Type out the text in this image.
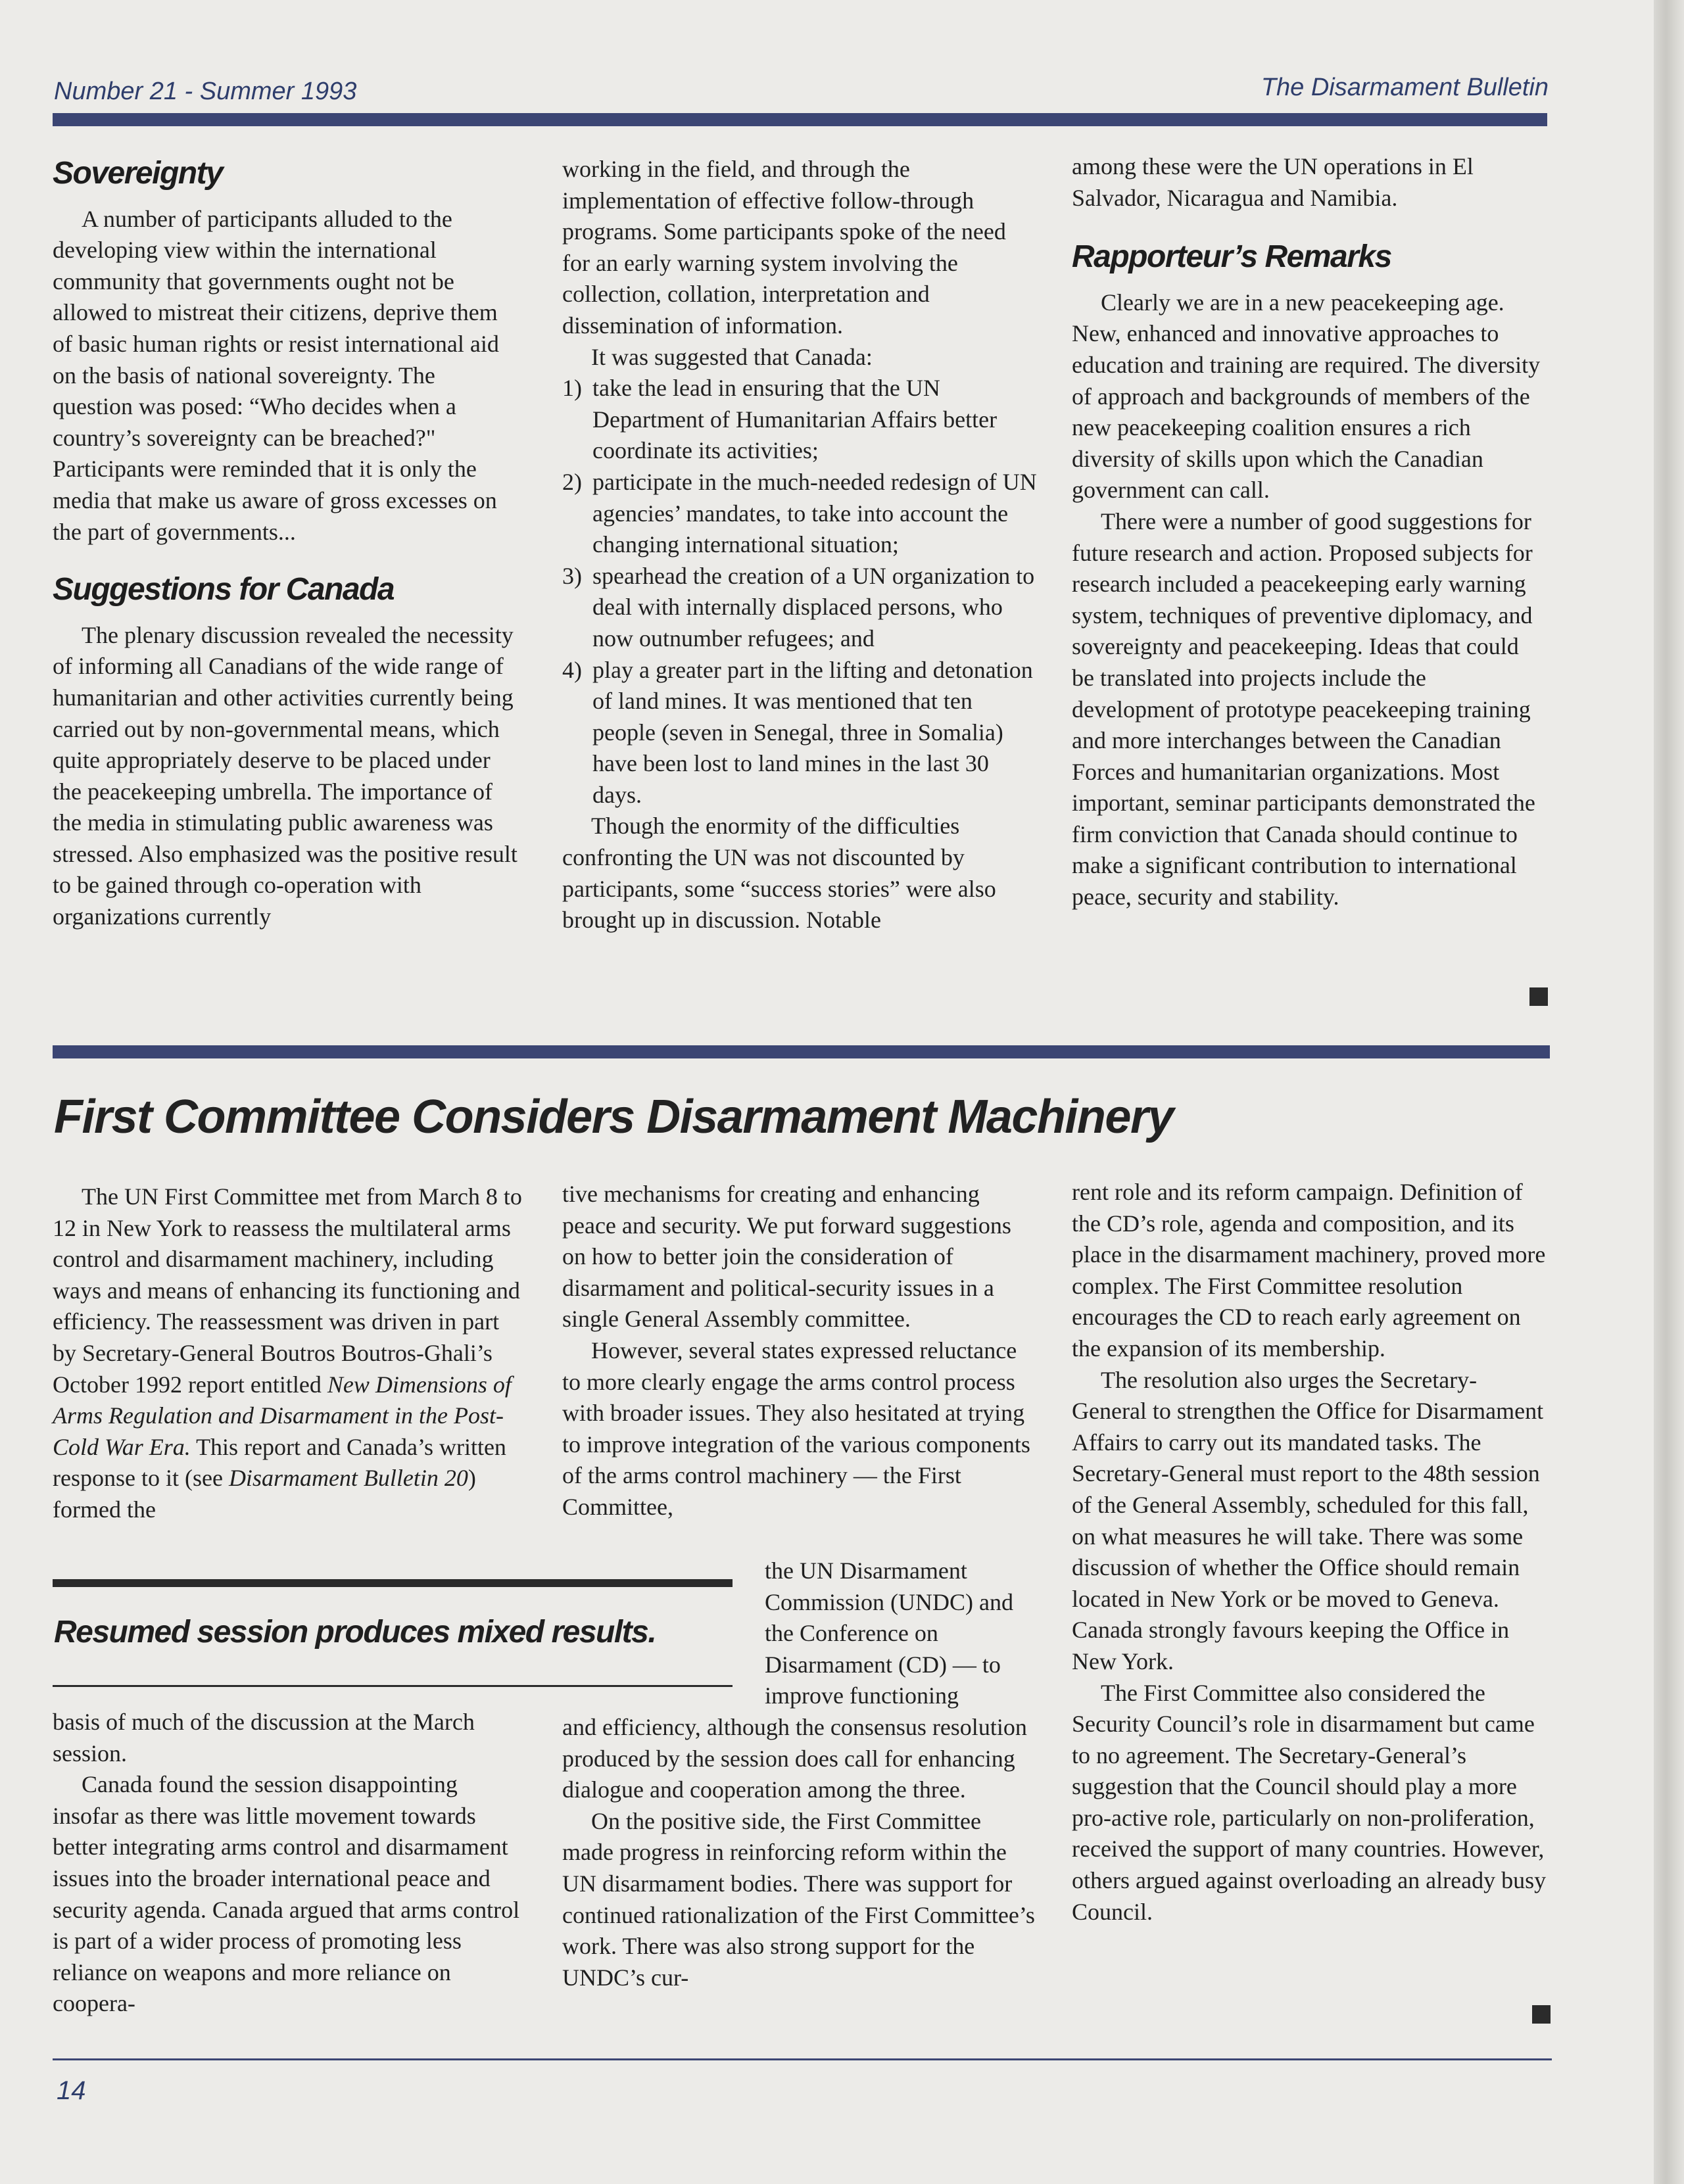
Number 21 - Summer 1993	The Disarmament Bulletin
Sovereignty

A number of participants alluded to the developing view within the international community that governments ought not be allowed to mistreat their citizens, deprive them of basic human rights or resist international aid on the basis of national sovereignty. The question was posed: “Who decides when a country’s sovereignty can be breached?" Participants were reminded that it is only the media that make us aware of gross excesses on the part of governments...

Suggestions for Canada

The plenary discussion revealed the necessity of informing all Canadians of the wide range of humanitarian and other activities currently being carried out by non-governmental means, which quite appropriately deserve to be placed under the peacekeeping umbrella. The importance of the media in stimulating public awareness was stressed. Also emphasized was the positive result to be gained through co-operation with organizations currently

working in the field, and through the implementation of effective follow-through programs. Some participants spoke of the need for an early warning system involving the collection, collation, interpretation and dissemination of information.

It was suggested that Canada:

1) take the lead in ensuring that the UN Department of Humanitarian Affairs better coordinate its activities;
2) participate in the much-needed redesign of UN agencies’ mandates, to take into account the changing international situation;
3) spearhead the creation of a UN organization to deal with internally displaced persons, who now outnumber refugees; and
4) play a greater part in the lifting and detonation of land mines. It was mentioned that ten people (seven in Senegal, three in Somalia) have been lost to land mines in the last 30 days.

Though the enormity of the difficulties confronting the UN was not discounted by participants, some “success stories” were also brought up in discussion. Notable

among these were the UN operations in El Salvador, Nicaragua and Namibia.

Rapporteur’s Remarks

Clearly we are in a new peacekeeping age. New, enhanced and innovative approaches to education and training are required. The diversity of approach and backgrounds of members of the new peacekeeping coalition ensures a rich diversity of skills upon which the Canadian government can call.

There were a number of good suggestions for future research and action. Proposed subjects for research included a peacekeeping early warning system, techniques of preventive diplomacy, and sovereignty and peacekeeping. Ideas that could be translated into projects include the development of prototype peacekeeping training and more interchanges between the Canadian Forces and humanitarian organizations. Most important, seminar participants demonstrated the firm conviction that Canada should continue to make a significant contribution to international peace, security and stability.

First Committee Considers Disarmament Machinery

The UN First Committee met from March 8 to 12 in New York to reassess the multilateral arms control and disarmament machinery, including ways and means of enhancing its functioning and efficiency. The reassessment was driven in part by Secretary-General Boutros Boutros-Ghali’s October 1992 report entitled New Dimensions of Arms Regulation and Disarmament in the Post-Cold War Era. This report and Canada’s written response to it (see Disarmament Bulletin 20) formed the

Resumed session produces mixed results.

basis of much of the discussion at the March session.

Canada found the session disappointing insofar as there was little movement towards better integrating arms control and disarmament issues into the broader international peace and security agenda. Canada argued that arms control is part of a wider process of promoting less reliance on weapons and more reliance on coopera-

tive mechanisms for creating and enhancing peace and security. We put forward suggestions on how to better join the consideration of disarmament and political-security issues in a single General Assembly committee.

However, several states expressed reluctance to more clearly engage the arms control process with broader issues. They also hesitated at trying to improve integration of the various components of the arms control machinery — the First Committee,

the UN Disarmament Commission (UNDC) and the Conference on Disarmament (CD) — to improve functioning

and efficiency, although the consensus resolution produced by the session does call for enhancing dialogue and cooperation among the three.

On the positive side, the First Committee made progress in reinforcing reform within the UN disarmament bodies. There was support for continued rationalization of the First Committee’s work. There was also strong support for the UNDC’s cur-

rent role and its reform campaign. Definition of the CD’s role, agenda and composition, and its place in the disarmament machinery, proved more complex. The First Committee resolution encourages the CD to reach early agreement on the expansion of its membership.

The resolution also urges the Secretary-General to strengthen the Office for Disarmament Affairs to carry out its mandated tasks. The Secretary-General must report to the 48th session of the General Assembly, scheduled for this fall, on what measures he will take. There was some discussion of whether the Office should remain located in New York or be moved to Geneva. Canada strongly favours keeping the Office in New York.

The First Committee also considered the Security Council’s role in disarmament but came to no agreement. The Secretary-General’s suggestion that the Council should play a more pro-active role, particularly on non-proliferation, received the support of many countries. However, others argued against overloading an already busy Council.

14
